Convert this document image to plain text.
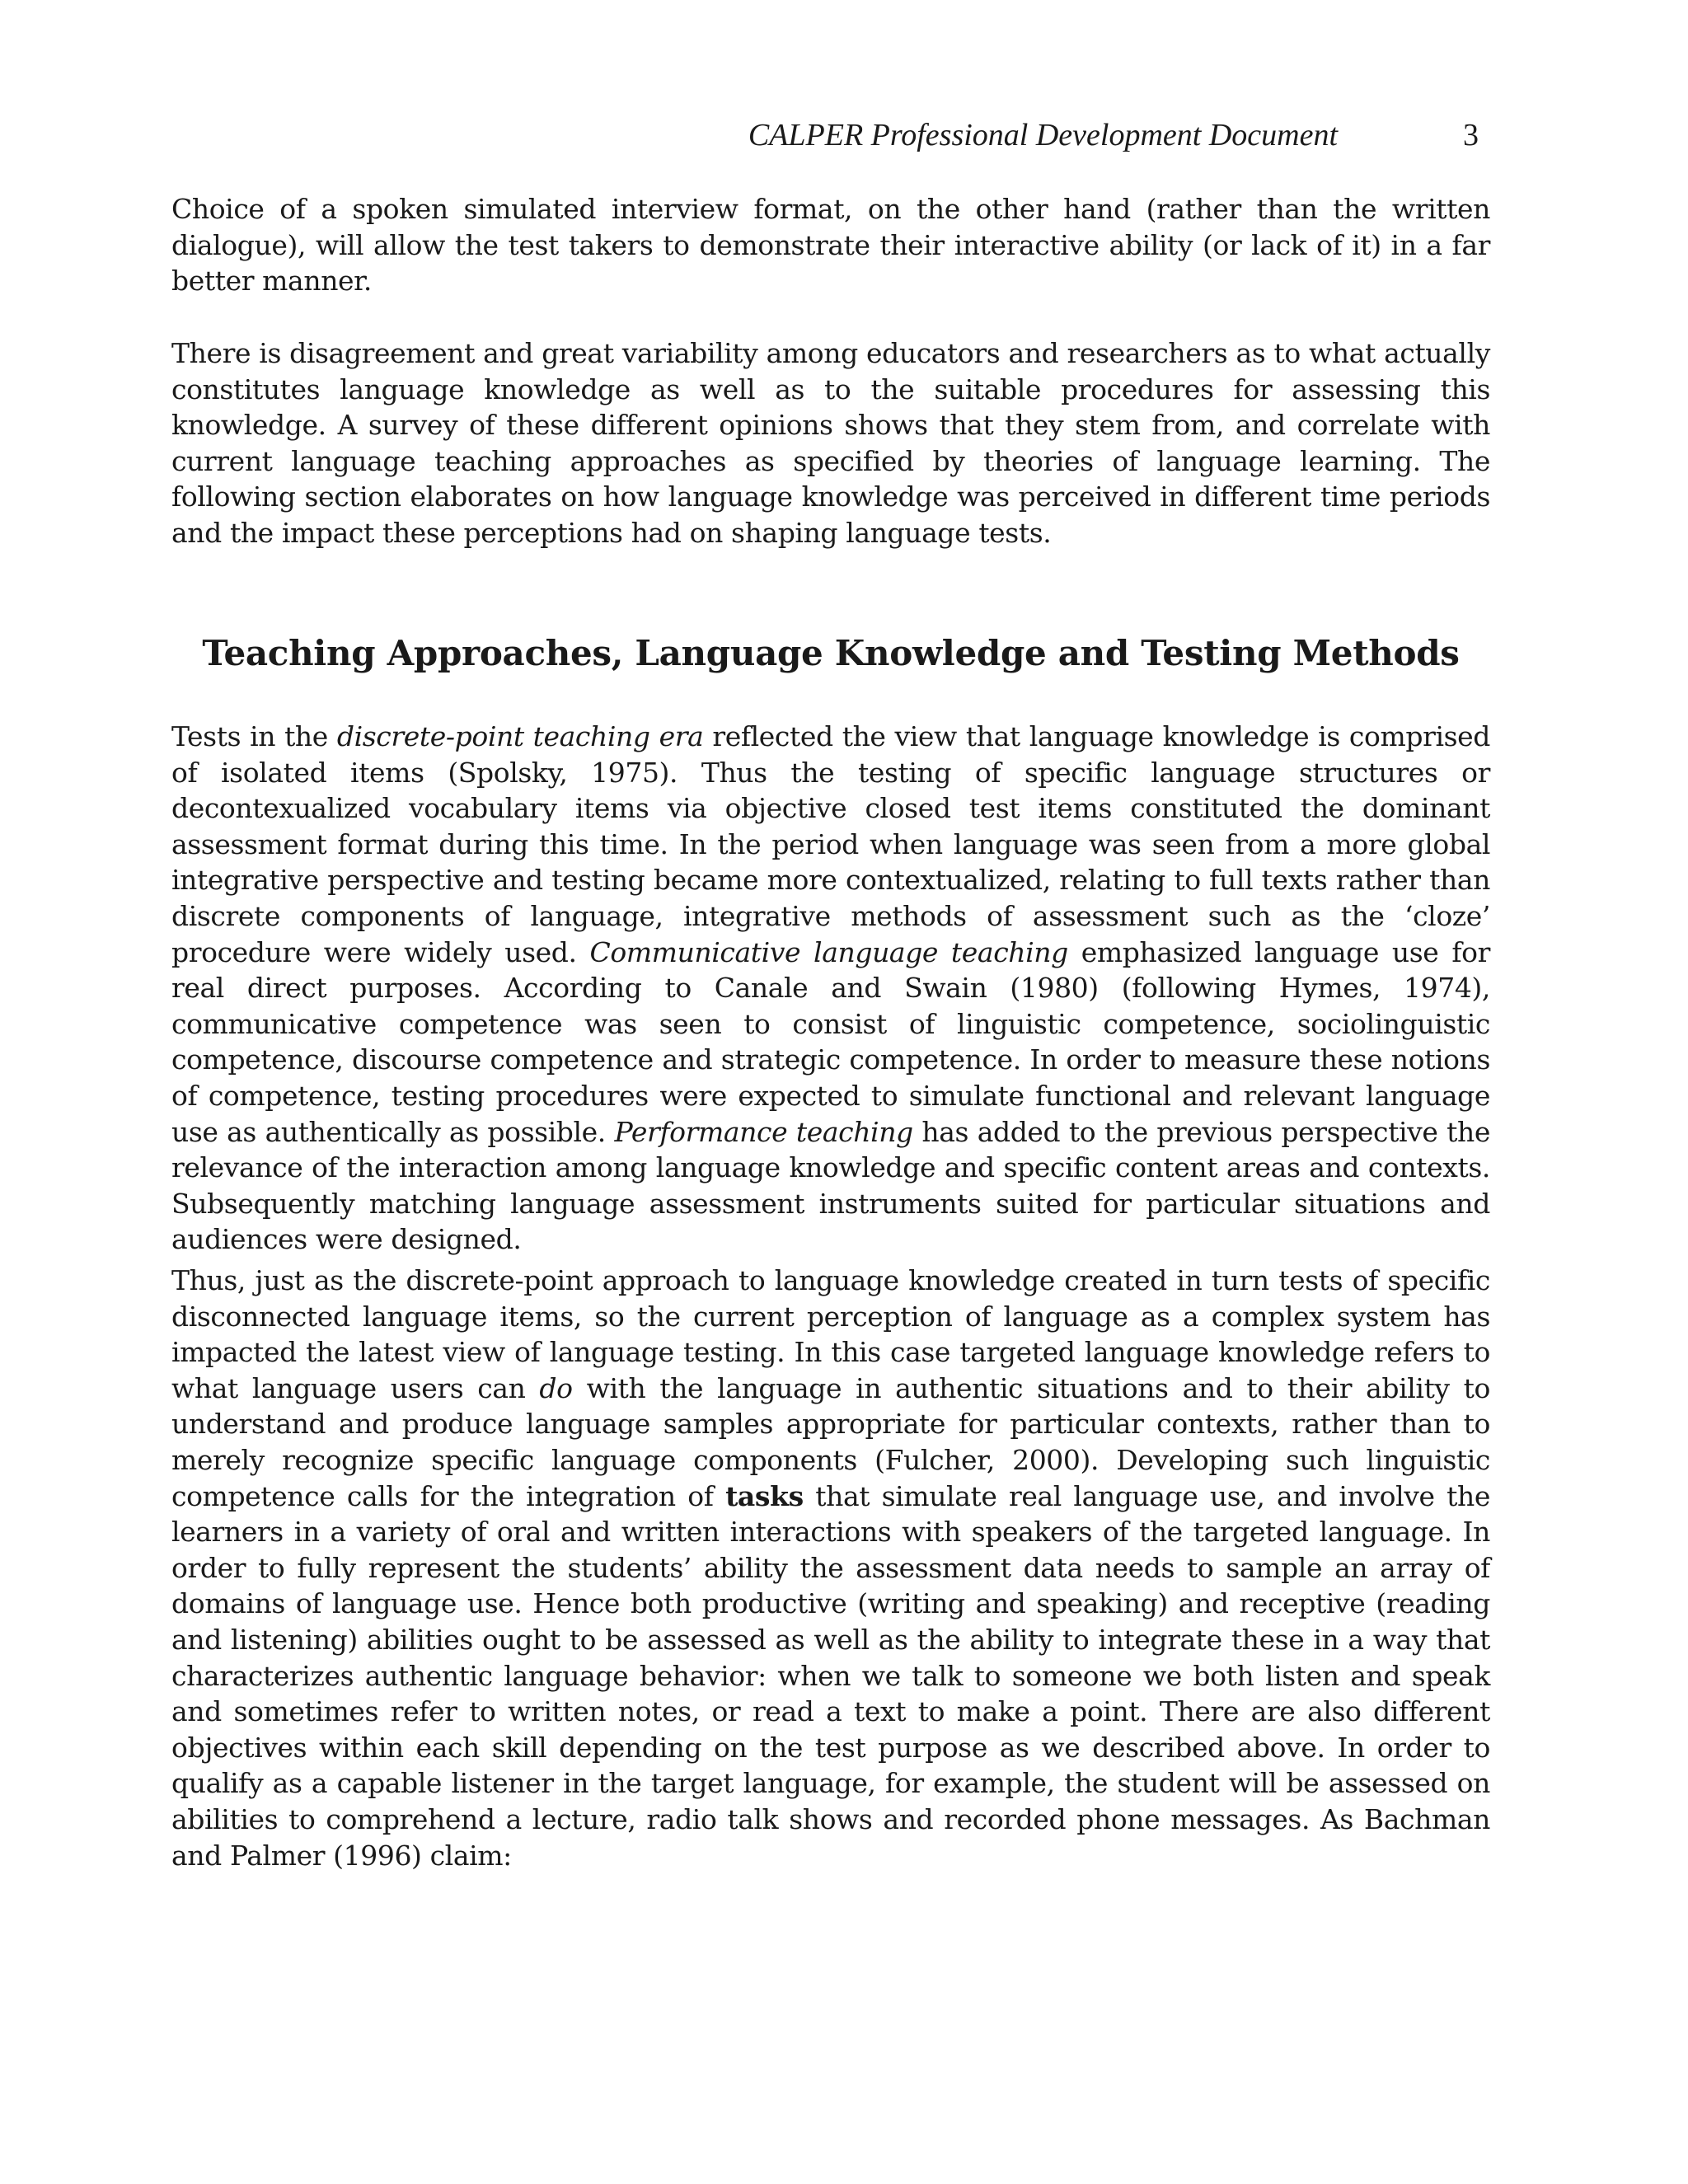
CALPER Professional Development Document	3

Choice of a spoken simulated interview format, on the other hand (rather than the written dialogue), will allow the test takers to demonstrate their interactive ability (or lack of it) in a far better manner.

There is disagreement and great variability among educators and researchers as to what actually constitutes language knowledge as well as to the suitable procedures for assessing this knowledge. A survey of these different opinions shows that they stem from, and correlate with current language teaching approaches as specified by theories of language learning. The following section elaborates on how language knowledge was perceived in different time periods and the impact these perceptions had on shaping language tests.

Teaching Approaches, Language Knowledge and Testing Methods

Tests in the discrete-point teaching era reflected the view that language knowledge is comprised of isolated items (Spolsky, 1975). Thus the testing of specific language structures or decontexualized vocabulary items via objective closed test items constituted the dominant assessment format during this time. In the period when language was seen from a more global integrative perspective and testing became more contextualized, relating to full texts rather than discrete components of language, integrative methods of assessment such as the ‘cloze’ procedure were widely used. Communicative language teaching emphasized language use for real direct purposes. According to Canale and Swain (1980) (following Hymes, 1974), communicative competence was seen to consist of linguistic competence, sociolinguistic competence, discourse competence and strategic competence. In order to measure these notions of competence, testing procedures were expected to simulate functional and relevant language use as authentically as possible. Performance teaching has added to the previous perspective the relevance of the interaction among language knowledge and specific content areas and contexts. Subsequently matching language assessment instruments suited for particular situations and audiences were designed.

Thus, just as the discrete-point approach to language knowledge created in turn tests of specific disconnected language items, so the current perception of language as a complex system has impacted the latest view of language testing. In this case targeted language knowledge refers to what language users can do with the language in authentic situations and to their ability to understand and produce language samples appropriate for particular contexts, rather than to merely recognize specific language components (Fulcher, 2000). Developing such linguistic competence calls for the integration of tasks that simulate real language use, and involve the learners in a variety of oral and written interactions with speakers of the targeted language. In order to fully represent the students’ ability the assessment data needs to sample an array of domains of language use. Hence both productive (writing and speaking) and receptive (reading and listening) abilities ought to be assessed as well as the ability to integrate these in a way that characterizes authentic language behavior: when we talk to someone we both listen and speak and sometimes refer to written notes, or read a text to make a point. There are also different objectives within each skill depending on the test purpose as we described above. In order to qualify as a capable listener in the target language, for example, the student will be assessed on abilities to comprehend a lecture, radio talk shows and recorded phone messages. As Bachman and Palmer (1996) claim:
